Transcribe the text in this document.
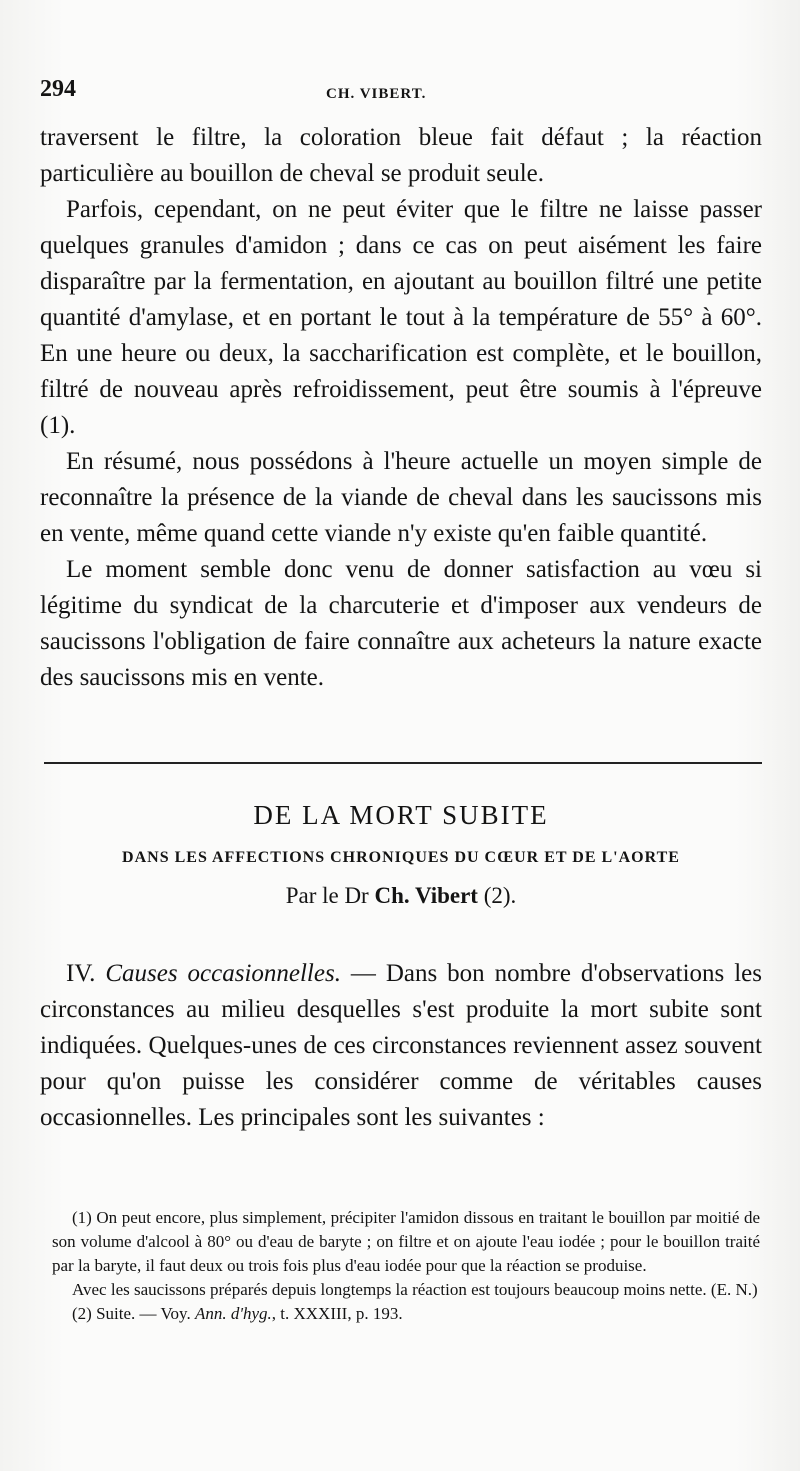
294	CH. VIBERT.

traversent le filtre, la coloration bleue fait défaut ; la réaction particulière au bouillon de cheval se produit seule.

Parfois, cependant, on ne peut éviter que le filtre ne laisse passer quelques granules d'amidon ; dans ce cas on peut aisément les faire disparaître par la fermentation, en ajoutant au bouillon filtré une petite quantité d'amylase, et en portant le tout à la température de 55° à 60°. En une heure ou deux, la saccharification est complète, et le bouillon, filtré de nouveau après refroidissement, peut être soumis à l'épreuve (1).

En résumé, nous possédons à l'heure actuelle un moyen simple de reconnaître la présence de la viande de cheval dans les saucissons mis en vente, même quand cette viande n'y existe qu'en faible quantité.

Le moment semble donc venu de donner satisfaction au vœu si légitime du syndicat de la charcuterie et d'imposer aux vendeurs de saucissons l'obligation de faire connaître aux acheteurs la nature exacte des saucissons mis en vente.

DE LA MORT SUBITE

DANS LES AFFECTIONS CHRONIQUES DU CŒUR ET DE L'AORTE

Par le Dr Ch. Vibert (2).

IV. Causes occasionnelles. — Dans bon nombre d'observations les circonstances au milieu desquelles s'est produite la mort subite sont indiquées. Quelques-unes de ces circonstances reviennent assez souvent pour qu'on puisse les considérer comme de véritables causes occasionnelles. Les principales sont les suivantes :

(1) On peut encore, plus simplement, précipiter l'amidon dissous en traitant le bouillon par moitié de son volume d'alcool à 80° ou d'eau de baryte ; on filtre et on ajoute l'eau iodée ; pour le bouillon traité par la baryte, il faut deux ou trois fois plus d'eau iodée pour que la réaction se produise.

Avec les saucissons préparés depuis longtemps la réaction est toujours beaucoup moins nette. (E. N.)

(2) Suite. — Voy. Ann. d'hyg., t. XXXIII, p. 193.
